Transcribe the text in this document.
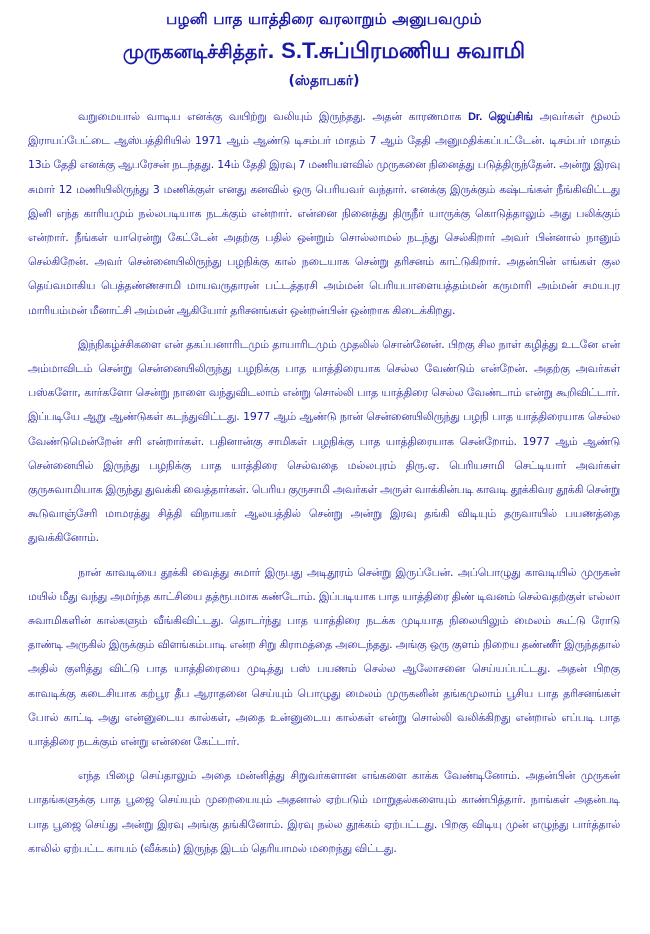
பழனி பாத யாத்திரை வரலாறும் அனுபவமும்
முருகனடிச்சித்தர். S.T.சுப்பிரமணிய சுவாமி
(ஸ்தாபகர்)

வறுமையால் வாடிய எனக்கு வயிற்று வலியும் இருந்தது. அதன் காரணமாக Dr. ஜெய்சிங் அவர்கள் மூலம் இராயப்பேட்டை ஆஸ்பத்திரியில் 1971 ஆம் ஆண்டு டிசம்பர் மாதம் 7 ஆம் தேதி அனுமதிக்கப்பட்டேன். டிசம்பர் மாதம் 13ம் தேதி எனக்கு ஆபரேசன் நடந்தது. 14ம் தேதி இரவு 7 மணியளவில் முருகனை நினைத்து படுத்திருந்தேன். அன்று இரவு சுமார் 12 மணியிலிருந்து 3 மணிக்குள் எனது கனவில் ஒரு பெரியவர் வந்தார். எனக்கு இருக்கும் கஷ்டங்கள் நீங்கிவிட்டது இனி எந்த காரியமும் நல்லபடியாக நடக்கும் என்றார். என்னை நினைத்து திருநீர் யாருக்கு கொடுத்தாலும் அது பலிக்கும் என்றார். நீங்கள் யாரென்று கேட்டேன் அதற்கு பதில் ஒன்றும் சொல்லாமல் நடந்து செல்கிறார் அவர் பின்னால் நானும் செல்கிறேன். அவர் சென்னையிலிருந்து பழநிக்கு கால் நடையாக சென்று தரிசனம் காட்டுகிறார். அதன்பின் எங்கள் குல தெய்வமாகிய பெத்தண்ணசாமி மாயவருதாரன் பட்டத்தரசி அம்மன் பெரியபாளையத்தம்மன் கருமாரி அம்மன் சமயபுர மாரியம்மன் மீனாட்சி அம்மன் ஆகியோர் தரிசனங்கள் ஒன்றன்பின் ஒன்றாக கிடைக்கிறது.

இந்நிகழ்ச்சிகளை என் தகப்பனாரிடமும் தாயாரிடமும் முதலில் சொன்னேன். பிறகு சில நாள் கழித்து உடனே என் அம்மாவிடம் சென்று சென்னையிலிருந்து பழநிக்கு பாத யாத்திரையாக செல்ல வேண்டும் என்றேன். அதற்கு அவர்கள் பஸ்களோ, கார்களோ சென்று நாளை வந்துவிடலாம் என்று சொல்லி பாத யாத்திரை செல்ல வேண்டாம் என்று கூறிவிட்டார். இப்படியே ஆறு ஆண்டுகள் கடந்துவிட்டது. 1977 ஆம் ஆண்டு நான் சென்னையிலிருந்து பழநி பாத யாத்திரையாக செல்ல வேண்டுமென்றேன் சரி என்றார்கள். பதினான்கு சாமிகள் பழநிக்கு பாத யாத்திரையாக சென்றோம். 1977 ஆம் ஆண்டு சென்னையில் இருந்து பழநிக்கு பாத யாத்திரை செல்வதை மல்லபுரம் திரு.ஏ. பெரியசாமி செட்டியார் அவர்கள் குருசுவாமியாக இருந்து துவக்கி வைத்தார்கள். பெரிய குருசாமி அவர்கள் அருள் வாக்கின்படி காவடி தூக்கிவர தூக்கி சென்று கூடுவாஞ்சேரி மாமரத்து சித்தி விநாயகர் ஆலயத்தில் சென்று அன்று இரவு தங்கி விடியும் தருவாயில் பயணத்தை துவக்கினோம்.

நான் காவடியை தூக்கி வைத்து சுமார் இருபது அடிதூரம் சென்று இருப்பேன். அப்பொழுது காவடியில் முருகன் மயில் மீது வந்து அமர்ந்த காட்சியை தத்ரூபமாக கண்டோம். இப்படியாக பாத யாத்திரை திண் டிவனம் செல்வதற்குள் எல்லா சுவாமிகளின் கால்களும் வீங்கிவிட்டது. தொடர்ந்து பாத யாத்திரை நடக்க முடியாத நிலையிலும் மைலம் கூட்டு ரோடு தாண்டி அருகில் இருக்கும் விளங்கம்பாடி என்ற சிறு கிராமத்தை அடைந்தது. அங்கு ஒரு குளம் நிறைய தண்ணீர் இருந்ததால் அதில் குளித்து விட்டு பாத யாத்திரையை முடித்து பஸ் பயணம் செல்ல ஆலோசனை செய்யப்பட்டது. அதன் பிறகு காவடிக்கு கடைசியாக கற்பூர தீப ஆராதனை செய்யும் பொழுது மைலம் முருகனின் தங்கமுலாம் பூசிய பாத தரிசனங்கள் போல் காட்டி அது என்னுடைய கால்கள், அதை உன்னுடைய கால்கள் என்று சொல்லி வலிக்கிறது என்றால் எப்படி பாத யாத்திரை நடக்கும் என்று என்னை கேட்டார்.

எந்த பிழை செய்தாலும் அதை மன்னித்து சிறுவர்களான எங்களை காக்க வேண்டினோம். அதன்பின் முருகன் பாதங்களுக்கு பாத பூஜை செய்யும் முறையையும் அதனால் ஏற்படும் மாறுதல்களையும் காண்பித்தார். நாங்கள் அதன்படி பாத பூஜை செய்து அன்று இரவு அங்கு தங்கினோம். இரவு நல்ல தூக்கம் ஏற்பட்டது. பிறகு விடியு முன் எழுந்து பார்த்தால் காலில் ஏற்பட்ட காயம் (வீக்கம்) இருந்த இடம் தெரியாமல் மறைந்து விட்டது.
